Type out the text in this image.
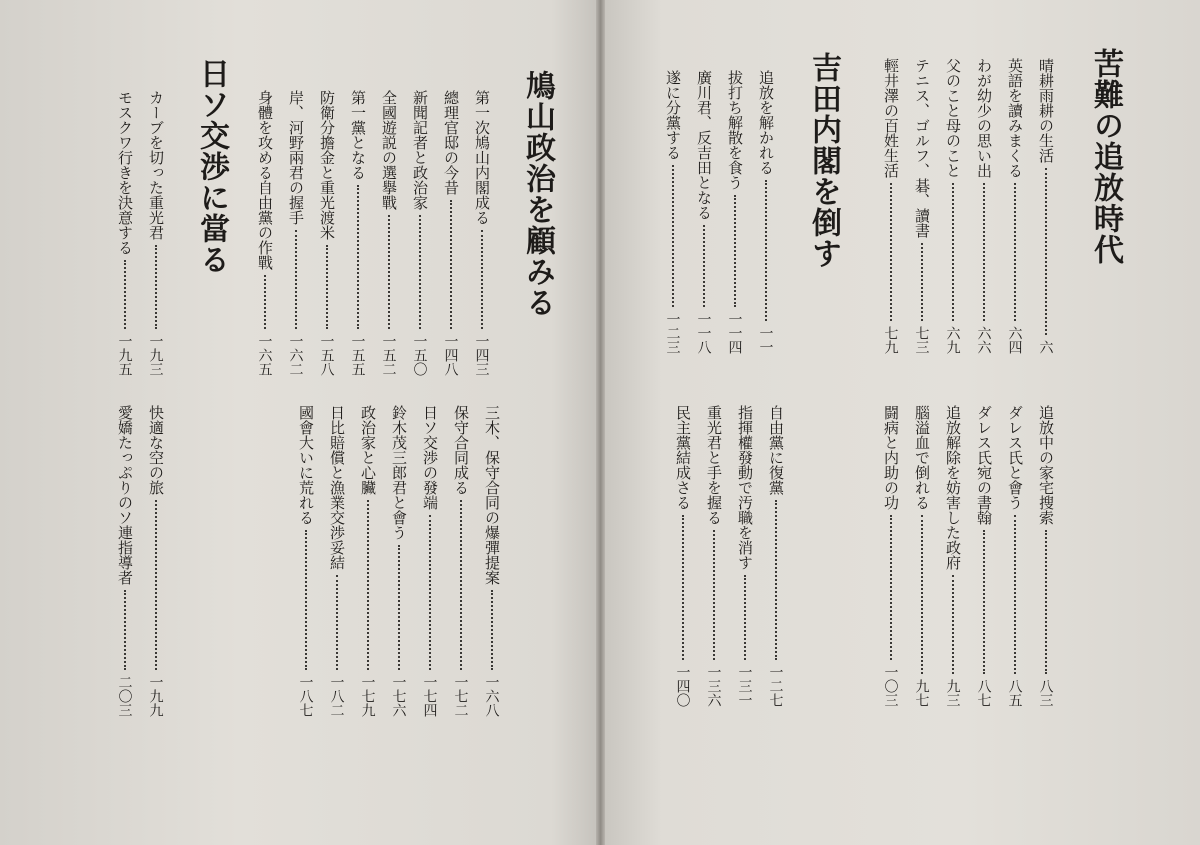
苦難の追放時代
晴耕雨耕の生活
六
英語を讀みまくる
六四
わが幼少の思い出
六六
父のこと母のこと
六九
テニス、ゴルフ、碁、讀書
七三
輕井澤の百姓生活
七九
吉田内閣を倒す
追放を解かれる
一一
拔打ち解散を食う
一一四
廣川君、反吉田となる
一一八
遂に分黨する
一二三
追放中の家宅搜索
八三
ダレス氏と會う
八五
ダレス氏宛の書翰
八七
追放解除を妨害した政府
九三
腦溢血で倒れる
九七
闘病と内助の功
一〇三
自由黨に復黨
一二七
指揮權發動で汚職を消す
一三一
重光君と手を握る
一三六
民主黨結成さる
一四〇
鳩山政治を顧みる
第一次鳩山内閣成る
一四三
總理官邸の今昔
一四八
新聞記者と政治家
一五〇
全國遊説の選擧戰
一五二
第一黨となる
一五五
防衛分擔金と重光渡米
一五八
岸、河野兩君の握手
一六二
身體を攻める自由黨の作戰
一六五
日ソ交渉に當る
カーブを切った重光君
一九三
モスクワ行きを決意する
一九五
三木、保守合同の爆彈提案
一六八
保守合同成る
一七二
日ソ交渉の發端
一七四
鈴木茂三郎君と會う
一七六
政治家と心臟
一七九
日比賠償と漁業交渉妥結
一八二
國會大いに荒れる
一八七
快適な空の旅
一九九
愛嬌たっぷりのソ連指導者
二〇三
